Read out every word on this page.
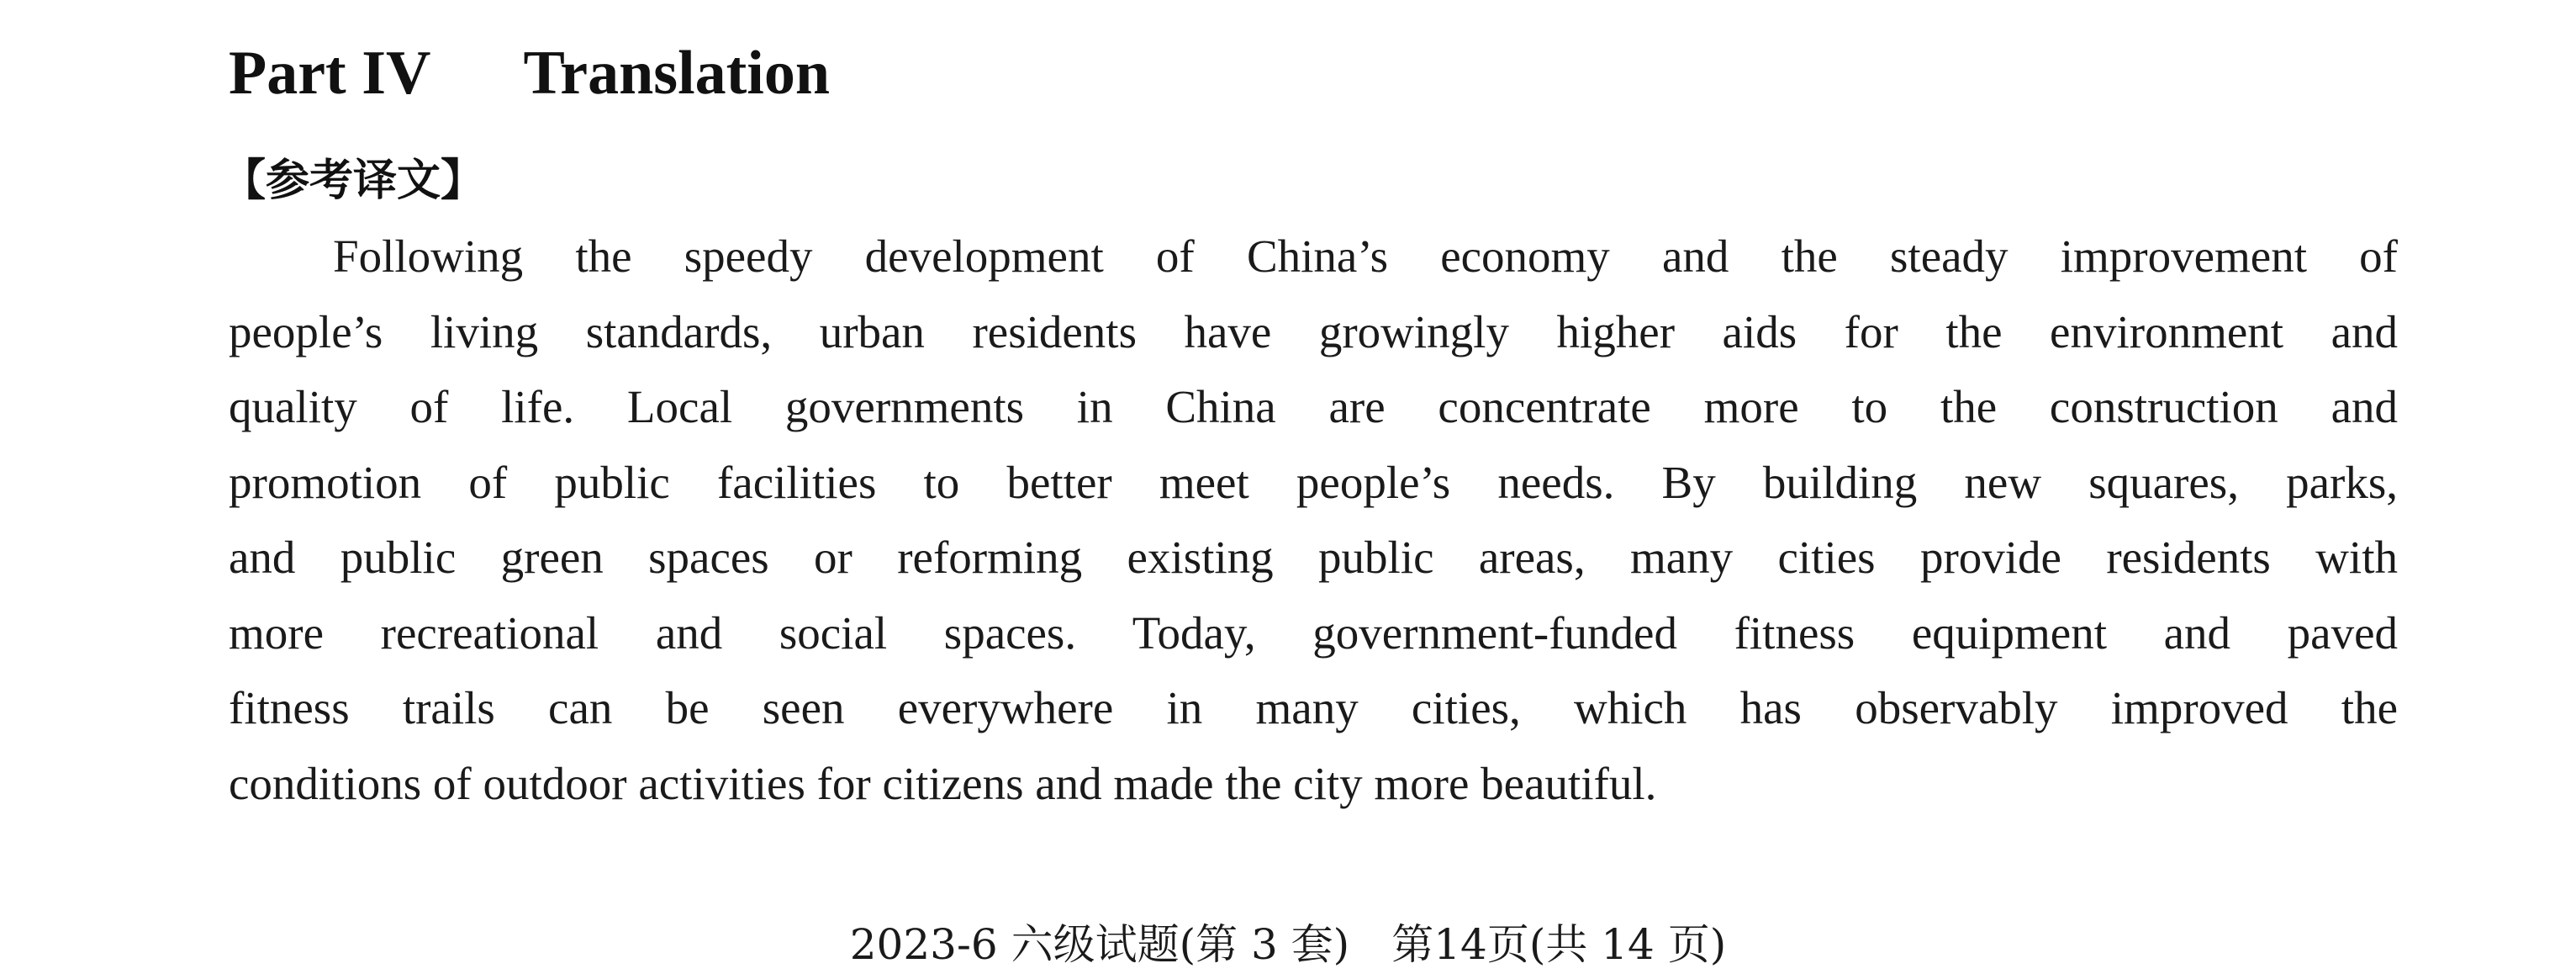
Part IV Translation
【参考译文】
Following the speedy development of China’s economy and the steady improvement of
people’s living standards, urban residents have growingly higher aids for the environment and
quality of life. Local governments in China are concentrate more to the construction and
promotion of public facilities to better meet people’s needs. By building new squares, parks,
and public green spaces or reforming existing public areas, many cities provide residents with
more recreational and social spaces. Today, government-funded fitness equipment and paved
fitness trails can be seen everywhere in many cities, which has observably improved the
conditions of outdoor activities for citizens and made the city more beautiful.
2023-6 六级试题(第 3 套) 第14页(共 14 页)
